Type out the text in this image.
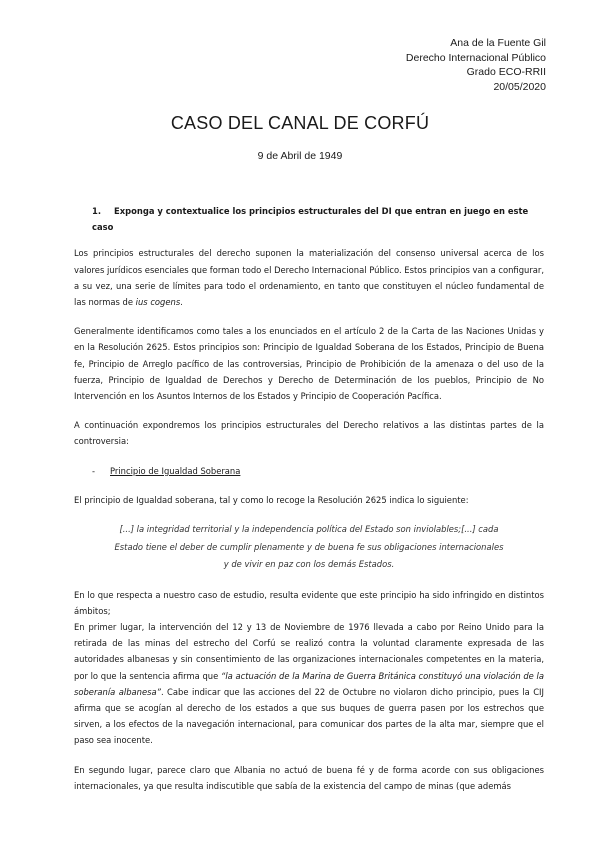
Ana de la Fuente Gil
Derecho Internacional Público
Grado ECO-RRII
20/05/2020
CASO DEL CANAL DE CORFÚ
9 de Abril de 1949
1. Exponga y contextualice los principios estructurales del DI que entran en juego en este caso

Los principios estructurales del derecho suponen la materialización del consenso universal acerca de los valores jurídicos esenciales que forman todo el Derecho Internacional Público. Estos principios van a configurar, a su vez, una serie de límites para todo el ordenamiento, en tanto que constituyen el núcleo fundamental de las normas de ius cogens.

Generalmente identificamos como tales a los enunciados en el artículo 2 de la Carta de las Naciones Unidas y en la Resolución 2625. Estos principios son: Principio de Igualdad Soberana de los Estados, Principio de Buena fe, Principio de Arreglo pacífico de las controversias, Principio de Prohibición de la amenaza o del uso de la fuerza, Principio de Igualdad de Derechos y Derecho de Determinación de los pueblos, Principio de No Intervención en los Asuntos Internos de los Estados y Principio de Cooperación Pacífica.

A continuación expondremos los principios estructurales del Derecho relativos a las distintas partes de la controversia:

- Principio de Igualdad Soberana

El principio de Igualdad soberana, tal y como lo recoge la Resolución 2625 indica lo siguiente:

[...] la integridad territorial y la independencia política del Estado son inviolables;[...] cada
Estado tiene el deber de cumplir plenamente y de buena fe sus obligaciones internacionales
y de vivir en paz con los demás Estados.

En lo que respecta a nuestro caso de estudio, resulta evidente que este principio ha sido infringido en distintos ámbitos;

En primer lugar, la intervención del 12 y 13 de Noviembre de 1976 llevada a cabo por Reino Unido para la retirada de las minas del estrecho del Corfú se realizó contra la voluntad claramente expresada de las autoridades albanesas y sin consentimiento de las organizaciones internacionales competentes en la materia, por lo que la sentencia afirma que “la actuación de la Marina de Guerra Británica constituyó una violación de la soberanía albanesa”. Cabe indicar que las acciones del 22 de Octubre no violaron dicho principio, pues la CIJ afirma que se acogían al derecho de los estados a que sus buques de guerra pasen por los estrechos que sirven, a los efectos de la navegación internacional, para comunicar dos partes de la alta mar, siempre que el paso sea inocente.

En segundo lugar, parece claro que Albania no actuó de buena fé y de forma acorde con sus obligaciones internacionales, ya que resulta indiscutible que sabía de la existencia del campo de minas (que además
